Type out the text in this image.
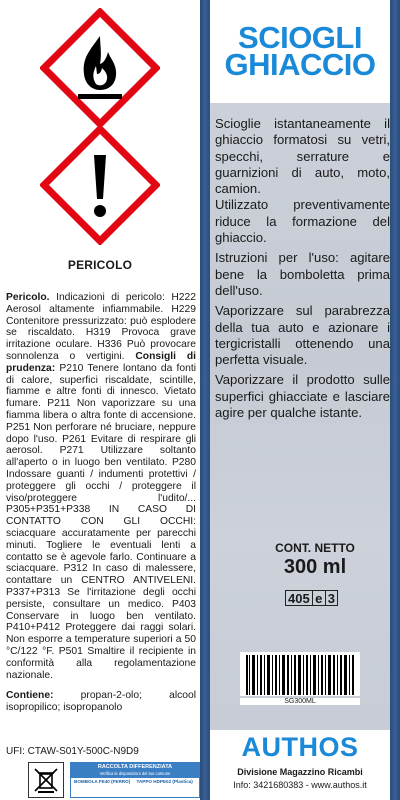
PERICOLO

Pericolo. Indicazioni di pericolo: H222 Aerosol altamente infiammabile. H229 Contenitore pressurizzato: può esplodere se riscaldato. H319 Provoca grave irritazione oculare. H336 Può provocare sonnolenza o vertigini. Consigli di prudenza: P210 Tenere lontano da fonti di calore, superfici riscaldate, scintille, fiamme e altre fonti di innesco. Vietato fumare. P211 Non vaporizzare su una fiamma libera o altra fonte di accensione. P251 Non perforare né bruciare, neppure dopo l'uso. P261 Evitare di respirare gli aerosol. P271 Utilizzare soltanto all'aperto o in luogo ben ventilato. P280 Indossare guanti / indumenti protettivi / proteggere gli occhi / proteggere il viso/proteggere l'udito/... P305+P351+P338 IN CASO DI CONTATTO CON GLI OCCHI: sciacquare accuratamente per parecchi minuti. Togliere le eventuali lenti a contatto se è agevole farlo. Continuare a sciacquare. P312 In caso di malessere, contattare un CENTRO ANTIVELENI. P337+P313 Se l'irritazione degli occhi persiste, consultare un medico. P403 Conservare in luogo ben ventilato. P410+P412 Proteggere dai raggi solari. Non esporre a temperature superiori a 50 °C/122 °F. P501 Smaltire il recipiente in conformità alla regolamentazione nazionale.

Contiene:	propan-2-olo; alcool isopropilico; isopropanolo

UFI: CTAW-S01Y-500C-N9D9
RACCOLTA DIFFERENZIATA
Verifica le disposizioni del tuo comune
BOMBOLA FE40 (FERRO)	TAPPO HDPE02 (Plastica)
SCIOGLI
GHIACCIO

Scioglie istantaneamente il ghiaccio formatosi su vetri, specchi, serrature e guarnizioni di auto, moto, camion.

Utilizzato preventivamente riduce la formazione del ghiaccio.

Istruzioni per l'uso: agitare bene la bomboletta prima dell'uso.

Vaporizzare sul parabrezza della tua auto e azionare i tergicristalli ottenendo una perfetta visuale.

Vaporizzare il prodotto sulle superfici ghiacciate e lasciare agire per qualche istante.

CONT. NETTO
300 ml
405 e 3
SG300ML
AUTHOS
Divisione Magazzino Ricambi
Info: 3421680383 - www.authos.it
